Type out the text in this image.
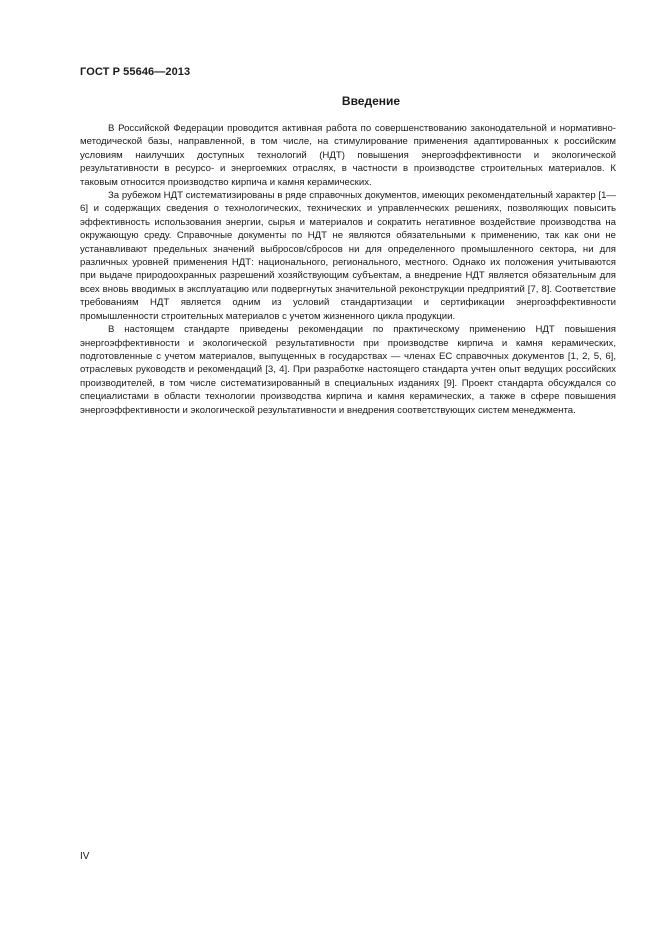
ГОСТ Р 55646—2013
Введение

В Российской Федерации проводится активная работа по совершенствованию законодательной и нормативно-методической базы, направленной, в том числе, на стимулирование применения адаптированных к российским условиям наилучших доступных технологий (НДТ) повышения энергоэффективности и экологической результативности в ресурсо- и энергоемких отраслях, в частности в производстве строительных материалов. К таковым относится производство кирпича и камня керамических.

За рубежом НДТ систематизированы в ряде справочных документов, имеющих рекомендательный характер [1—6] и содержащих сведения о технологических, технических и управленческих решениях, позволяющих повысить эффективность использования энергии, сырья и материалов и сократить негативное воздействие производства на окружающую среду. Справочные документы по НДТ не являются обязательными к применению, так как они не устанавливают предельных значений выбросов/сбросов ни для определенного промышленного сектора, ни для различных уровней применения НДТ: национального, регионального, местного. Однако их положения учитываются при выдаче природоохранных разрешений хозяйствующим субъектам, а внедрение НДТ является обязательным для всех вновь вводимых в эксплуатацию или подвергнутых значительной реконструкции предприятий [7, 8]. Соответствие требованиям НДТ является одним из условий стандартизации и сертификации энергоэффективности промышленности строительных материалов с учетом жизненного цикла продукции.

В настоящем стандарте приведены рекомендации по практическому применению НДТ повышения энергоэффективности и экологической результативности при производстве кирпича и камня керамических, подготовленные с учетом материалов, выпущенных в государствах — членах ЕС справочных документов [1, 2, 5, 6], отраслевых руководств и рекомендаций [3, 4]. При разработке настоящего стандарта учтен опыт ведущих российских производителей, в том числе систематизированный в специальных изданиях [9]. Проект стандарта обсуждался со специалистами в области технологии производства кирпича и камня керамических, а также в сфере повышения энергоэффективности и экологической результативности и внедрения соответствующих систем менеджмента.

IV
